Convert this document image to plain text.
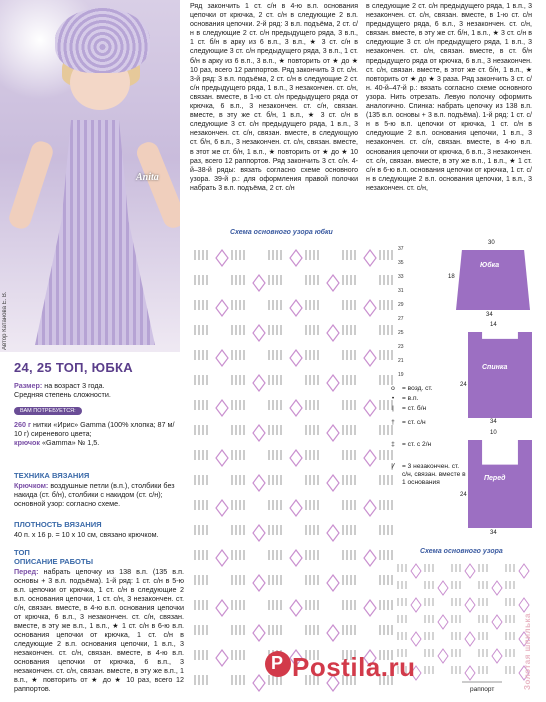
Автор Катанова Е. В.
Anita
24, 25 ТОП, ЮБКА
Размер: на возраст 3 года.
Средняя степень сложности.
ВАМ ПОТРЕБУЕТСЯ:
260 г нитки «Ирис» Gamma (100% хлопка; 87 м/ 10 г) сиреневого цвета;
крючок «Gamma» № 1,5.
ТЕХНИКА ВЯЗАНИЯ
Крючком: воздушные петли (в.п.), столбики без накида (ст. б/н), столбики с накидом (ст. с/н); основной узор: согласно схеме.
ПЛОТНОСТЬ ВЯЗАНИЯ
40 п. х 16 р. = 10 х 10 см, связано крючком.
ТОП
ОПИСАНИЕ РАБОТЫ
Перед: набрать цепочку из 138 в.п. (135 в.п. основы + 3 в.п. подъёма). 1-й ряд: 1 ст. с/н в 5-ю в.п. цепочки от крючка, 1 ст. с/н в следующие 2 в.п. основания цепочки, 1 ст. с/н, 3 незакончен. ст. с/н, связан. вместе, в 4-ю в.п. основания цепочки от крючка, 6 в.п., 3 незакончен. ст. с/н, связан. вместе, в эту же в.п., 1 в.п., ★ 1 ст. с/н в 6-ю в.п. основания цепочки от крючка, 1 ст. с/н в следующие 2 в.п. основания цепочки, 1 в.п., 3 незакончен. ст. с/н, связан. вместе, в 4-ю в.п. основания цепочки от крючка, 6 в.п., 3 незакончен. ст. с/н, связан. вместе, в эту же в.п., 1 в.п., ★ повторить от ★ до ★ 10 раз, всего 12 раппортов.

Ряд закончить 1 ст. с/н в 4-ю в.п. основания цепочки от крючка, 2 ст. с/н в следующие 2 в.п. основания цепочки. 2-й ряд: 3 в.п. подъёма, 2 ст. с/н в следующие 2 ст. с/н предыдущего ряда, 3 в.п., 1 ст. б/н в арку из 6 в.п., 3 в.п., ★ 3 ст. с/н в следующие 3 ст. с/н предыдущего ряда, 3 в.п., 1 ст. б/н в арку из 6 в.п., 3 в.п., ★ повторить от ★ до ★ 10 раз, всего 12 раппортов. Ряд закончить 3 ст. с/н. 3-й ряд: 3 в.п. подъёма, 2 ст. с/н в следующие 2 ст. с/н предыдущего ряда, 1 в.п., 3 незакончен. ст. с/н, связан. вместе, в 1-ю ст. с/н предыдущего ряда от крючка, 6 в.п., 3 незакончен. ст. с/н, связан. вместе, в эту же ст. б/н, 1 в.п., ★ 3 ст. с/н в следующие 3 ст. с/н предыдущего ряда, 1 в.п., 3 незакончен. ст. с/н, связан. вместе, в следующую ст. б/н, 6 в.п., 3 незакончен. ст. с/н, связан. вместе, в этот же ст. б/н, 1 в.п., ★ повторить от ★ до ★ 10 раз, всего 12 раппортов. Ряд закончить 3 ст. с/н. 4-й–38-й ряды: вязать согласно схеме основного узора. 39-й р.: для оформления правой полочки набрать 3 в.п. подъёма, 2 ст. с/н

в следующие 2 ст. с/н предыдущего ряда, 1 в.п., 3 незакончен. ст. с/н, связан. вместе, в 1-ю ст. с/н предыдущего ряда, 6 в.п., 3 незакончен. ст. с/н, связан. вместе, в эту же ст. б/н, 1 в.п., ★ 3 ст. с/н в следующие 3 ст. с/н предыдущего ряда, 1 в.п., 3 незакончен. ст. с/н, связан. вместе, в ст. б/н предыдущего ряда от крючка, 6 в.п., 3 незакончен. ст. с/н, связан. вместе, в этот же ст. б/н, 1 в.п., ★ повторить от ★ до ★ 3 раза. Ряд закончить 3 ст. с/н. 40-й–47-й р.: вязать согласно схеме основного узора. Нить отрезать. Левую полочку оформить аналогично. Спинка: набрать цепочку из 138 в.п. (135 в.п. основы + 3 в.п. подъёма). 1-й ряд: 1 ст. с/н в 5-ю в.п. цепочки от крючка, 1 ст. с/н в следующие 2 в.п. основания цепочки, 1 в.п., 3 незакончен. ст. с/н, связан. вместе, в 4-ю в.п. основания цепочки от крючка, 6 в.п., 3 незакончен. ст. с/н, связан. вместе, в эту же в.п., 1 в.п., ★ 1 ст. с/н в 6-ю в.п. основания цепочки от крючка, 1 ст. с/н в следующие 2 в.п. основания цепочки, 1 в.п., 3 незакончен. ст. с/н,

Схема основного узора юбки
37
35
33
31
29
27
25
23
21
19
o	= возд. ст.
•	= в.п.
|	= ст. б/н
†	= ст. с/н
‡	= ст. с 2/н
Ꝩ	= 3 незакончен. ст. с/н, связан. вместе в 1 основания
30
Юбка
18
34
14
Спинка
24
34
10
Перед
24
34
Схема основного узора
раппорт	Золотая шпилька
P Postila.ru
